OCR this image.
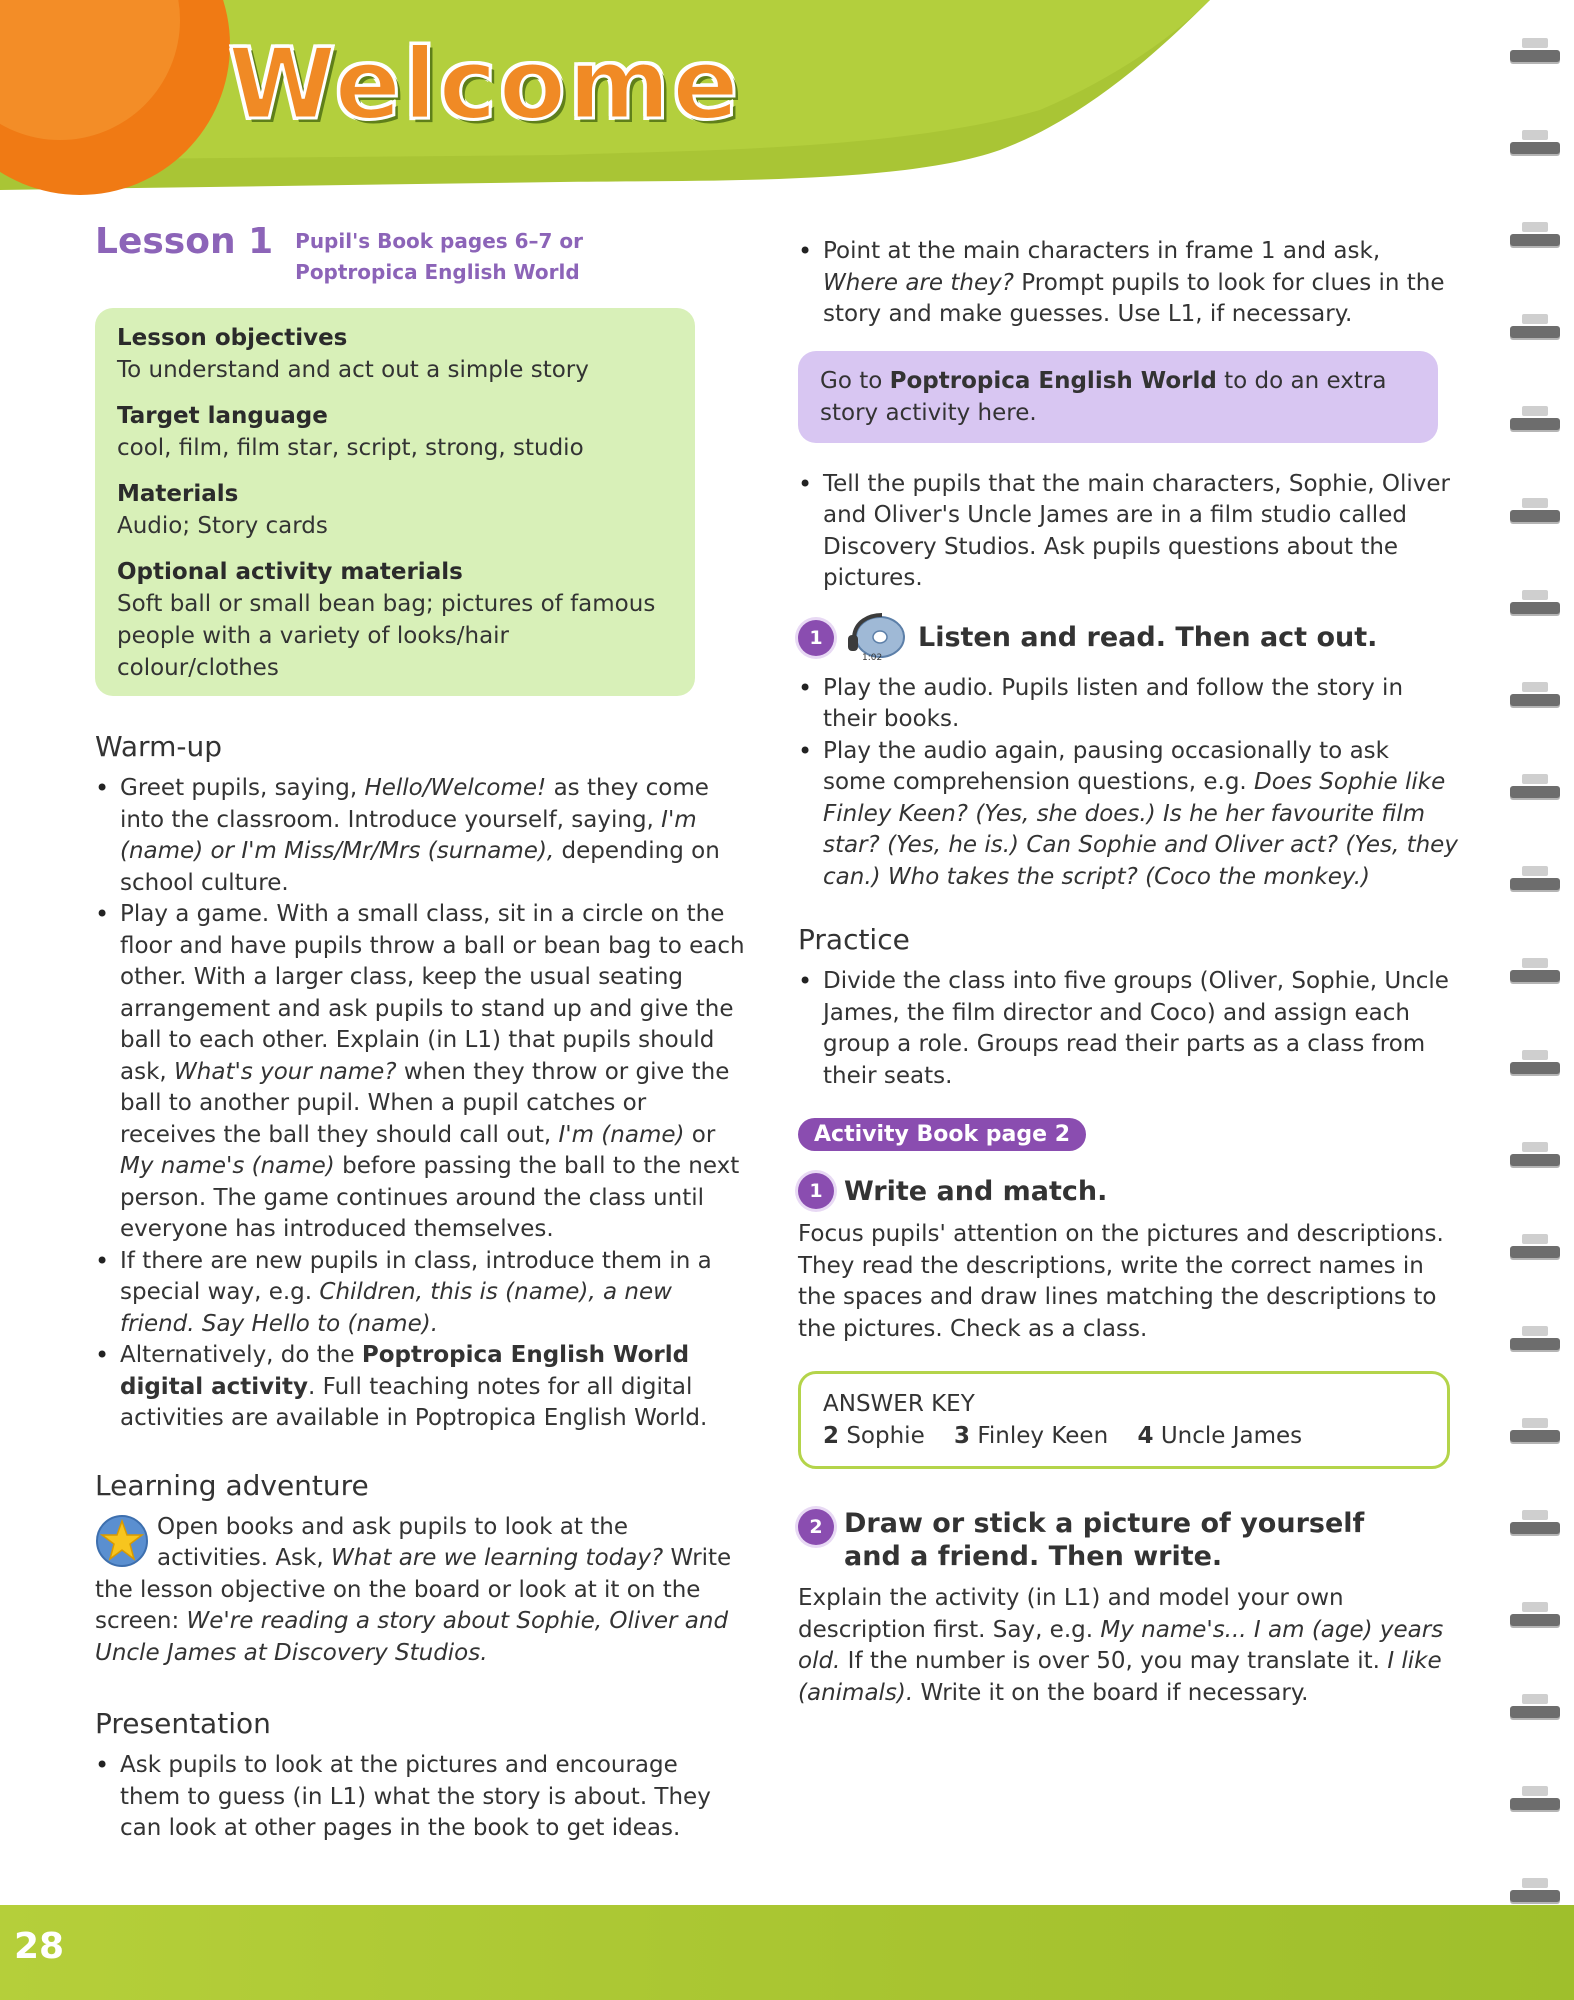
Welcome
Lesson 1 Pupil's Book pages 6–7 or
Poptropica English World
Lesson objectives
To understand and act out a simple story
Target language
cool, film, film star, script, strong, studio
Materials
Audio; Story cards
Optional activity materials
Soft ball or small bean bag; pictures of famous people with a variety of looks/hair colour/clothes
Warm-up
• Greet pupils, saying, Hello/Welcome! as they come into the classroom. Introduce yourself, saying, I'm (name) or I'm Miss/Mr/Mrs (surname), depending on school culture.
• Play a game. With a small class, sit in a circle on the floor and have pupils throw a ball or bean bag to each other. With a larger class, keep the usual seating arrangement and ask pupils to stand up and give the ball to each other. Explain (in L1) that pupils should ask, What's your name? when they throw or give the ball to another pupil. When a pupil catches or receives the ball they should call out, I'm (name) or My name's (name) before passing the ball to the next person. The game continues around the class until everyone has introduced themselves.
• If there are new pupils in class, introduce them in a special way, e.g. Children, this is (name), a new friend. Say Hello to (name).
• Alternatively, do the Poptropica English World digital activity. Full teaching notes for all digital activities are available in Poptropica English World.
Learning adventure

Open books and ask pupils to look at the activities. Ask, What are we learning today? Write the lesson objective on the board or look at it on the screen: We're reading a story about Sophie, Oliver and Uncle James at Discovery Studios.

Presentation
• Ask pupils to look at the pictures and encourage them to guess (in L1) what the story is about. They can look at other pages in the book to get ideas.
• Point at the main characters in frame 1 and ask, Where are they? Prompt pupils to look for clues in the story and make guesses. Use L1, if necessary.
Go to Poptropica English World to do an extra story activity here.
• Tell the pupils that the main characters, Sophie, Oliver and Oliver's Uncle James are in a film studio called Discovery Studios. Ask pupils questions about the pictures.
1
1:02
Listen and read. Then act out.
• Play the audio. Pupils listen and follow the story in their books.
• Play the audio again, pausing occasionally to ask some comprehension questions, e.g. Does Sophie like Finley Keen? (Yes, she does.) Is he her favourite film star? (Yes, he is.) Can Sophie and Oliver act? (Yes, they can.) Who takes the script? (Coco the monkey.)
Practice
• Divide the class into five groups (Oliver, Sophie, Uncle James, the film director and Coco) and assign each group a role. Groups read their parts as a class from their seats.
Activity Book page 2
1 Write and match.

Focus pupils' attention on the pictures and descriptions. They read the descriptions, write the correct names in the spaces and draw lines matching the descriptions to the pictures. Check as a class.

ANSWER KEY
2 Sophie 3 Finley Keen 4 Uncle James
2 Draw or stick a picture of yourself and a friend. Then write.

Explain the activity (in L1) and model your own description first. Say, e.g. My name's... I am (age) years old. If the number is over 50, you may translate it. I like (animals). Write it on the board if necessary.

28
